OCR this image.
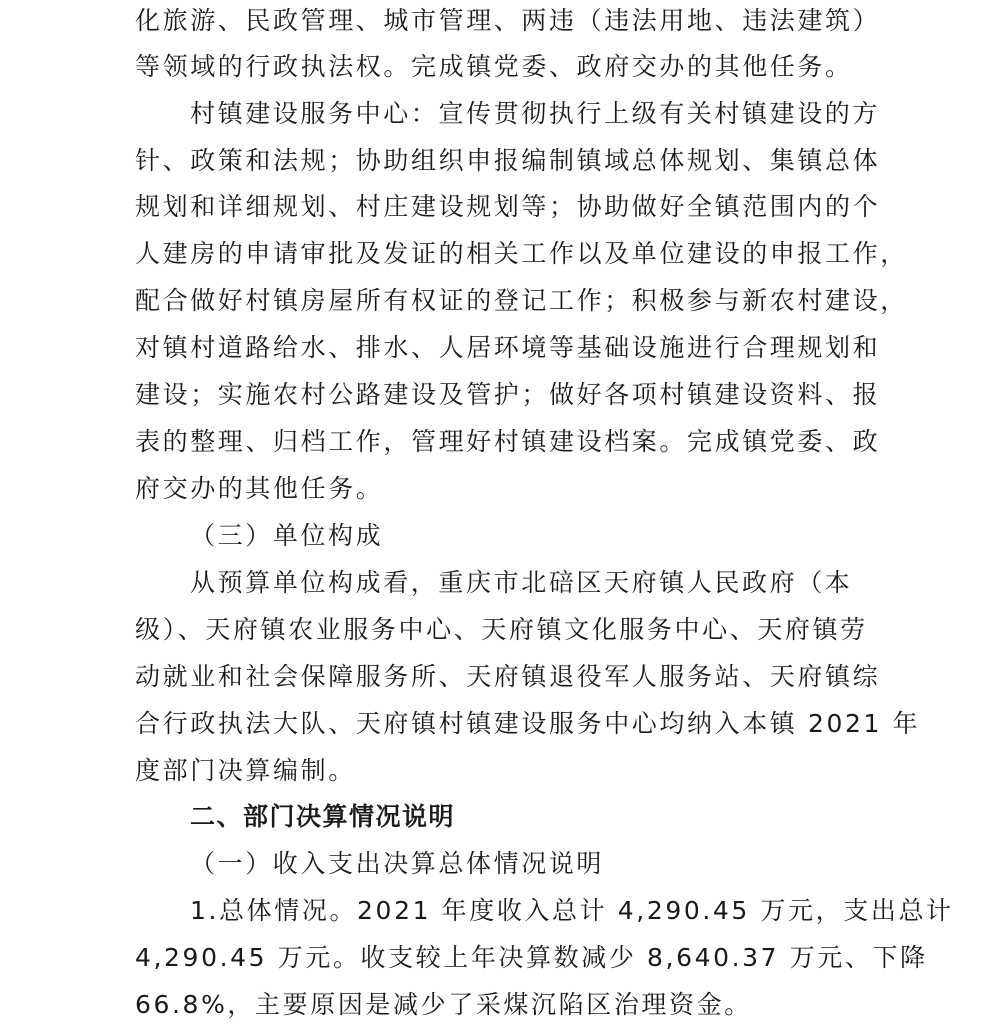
化旅游、民政管理、城市管理、两违（违法用地、违法建筑）
等领域的行政执法权。完成镇党委、政府交办的其他任务。
村镇建设服务中心：宣传贯彻执行上级有关村镇建设的方
针、政策和法规；协助组织申报编制镇域总体规划、集镇总体
规划和详细规划、村庄建设规划等；协助做好全镇范围内的个
人建房的申请审批及发证的相关工作以及单位建设的申报工作，
配合做好村镇房屋所有权证的登记工作；积极参与新农村建设，
对镇村道路给水、排水、人居环境等基础设施进行合理规划和
建设；实施农村公路建设及管护；做好各项村镇建设资料、报
表的整理、归档工作，管理好村镇建设档案。完成镇党委、政
府交办的其他任务。
（三）单位构成
从预算单位构成看，重庆市北碚区天府镇人民政府（本
级）、天府镇农业服务中心、天府镇文化服务中心、天府镇劳
动就业和社会保障服务所、天府镇退役军人服务站、天府镇综
合行政执法大队、天府镇村镇建设服务中心均纳入本镇 2021 年
度部门决算编制。
二、部门决算情况说明
（一）收入支出决算总体情况说明
1.总体情况。2021 年度收入总计 4,290.45 万元，支出总计
4,290.45 万元。收支较上年决算数减少 8,640.37 万元、下降
66.8%，主要原因是减少了采煤沉陷区治理资金。
